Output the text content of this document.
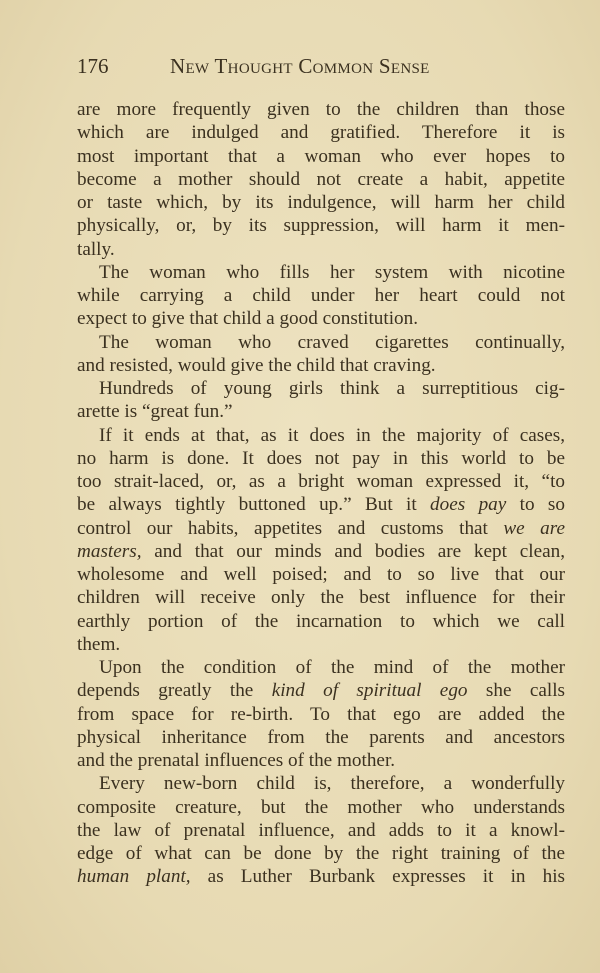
176	New Thought Common Sense
are more frequently given to the children than those
which are indulged and gratified. Therefore it is
most important that a woman who ever hopes to
become a mother should not create a habit, appetite
or taste which, by its indulgence, will harm her child
physically, or, by its suppression, will harm it men-
tally.
The woman who fills her system with nicotine
while carrying a child under her heart could not
expect to give that child a good constitution.
The woman who craved cigarettes continually,
and resisted, would give the child that craving.
Hundreds of young girls think a surreptitious cig-
arette is “great fun.”
If it ends at that, as it does in the majority of cases,
no harm is done. It does not pay in this world to be
too strait-laced, or, as a bright woman expressed it, “to
be always tightly buttoned up.” But it does pay to so
control our habits, appetites and customs that we are
masters, and that our minds and bodies are kept clean,
wholesome and well poised; and to so live that our
children will receive only the best influence for their
earthly portion of the incarnation to which we call
them.
Upon the condition of the mind of the mother
depends greatly the kind of spiritual ego she calls
from space for re-birth. To that ego are added the
physical inheritance from the parents and ancestors
and the prenatal influences of the mother.
Every new-born child is, therefore, a wonderfully
composite creature, but the mother who understands
the law of prenatal influence, and adds to it a knowl-
edge of what can be done by the right training of the
human plant, as Luther Burbank expresses it in his
